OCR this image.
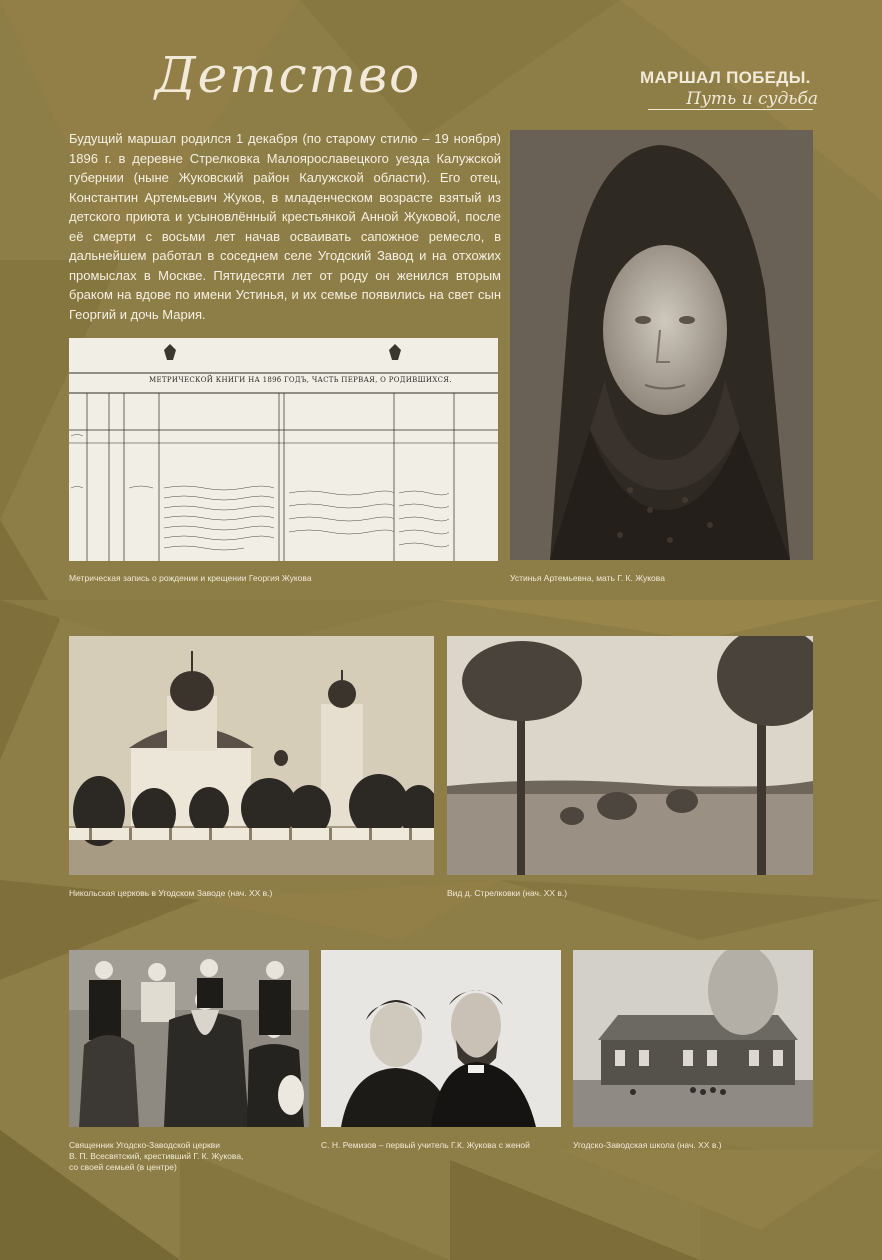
Детство	МАРШАЛ ПОБЕДЫ.
Путь и судьба

Будущий маршал родился 1 декабря (по старому стилю – 19 ноября) 1896 г. в деревне Стрелковка Малоярославецкого уезда Калужской губернии (ныне Жуковский район Калужской области). Его отец, Константин Артемьевич Жуков, в младенческом возрасте взятый из детского приюта и усыновлённый крестьянкой Анной Жуковой, после её смерти с восьми лет начав осваивать сапожное ремесло, в дальнейшем работал в соседнем селе Угодский Завод и на отхожих промыслах в Москве. Пятидесяти лет от роду он женился вторым браком на вдове по имени Устинья, и их семье появились на свет сын Георгий и дочь Мария.

МЕТРИЧЕСКОЙ КНИГИ НА 189б ГОДЪ, ЧАСТЬ ПЕРВАЯ, О РОДИВШИХСЯ.
Метрическая запись о рождении и крещении Георгия Жукова	Устинья Артемьевна, мать Г. К. Жукова
Никольская церковь в Угодском Заводе (нач. XX в.)	Вид д. Стрелковки (нач. XX в.)
Священник Угодско-Заводской церкви
В. П. Всесвятский, крестивший Г. К. Жукова,
со своей семьей (в центре)
С. Н. Ремизов – первый учитель Г.К. Жукова с женой	Угодско-Заводская школа (нач. XX в.)
